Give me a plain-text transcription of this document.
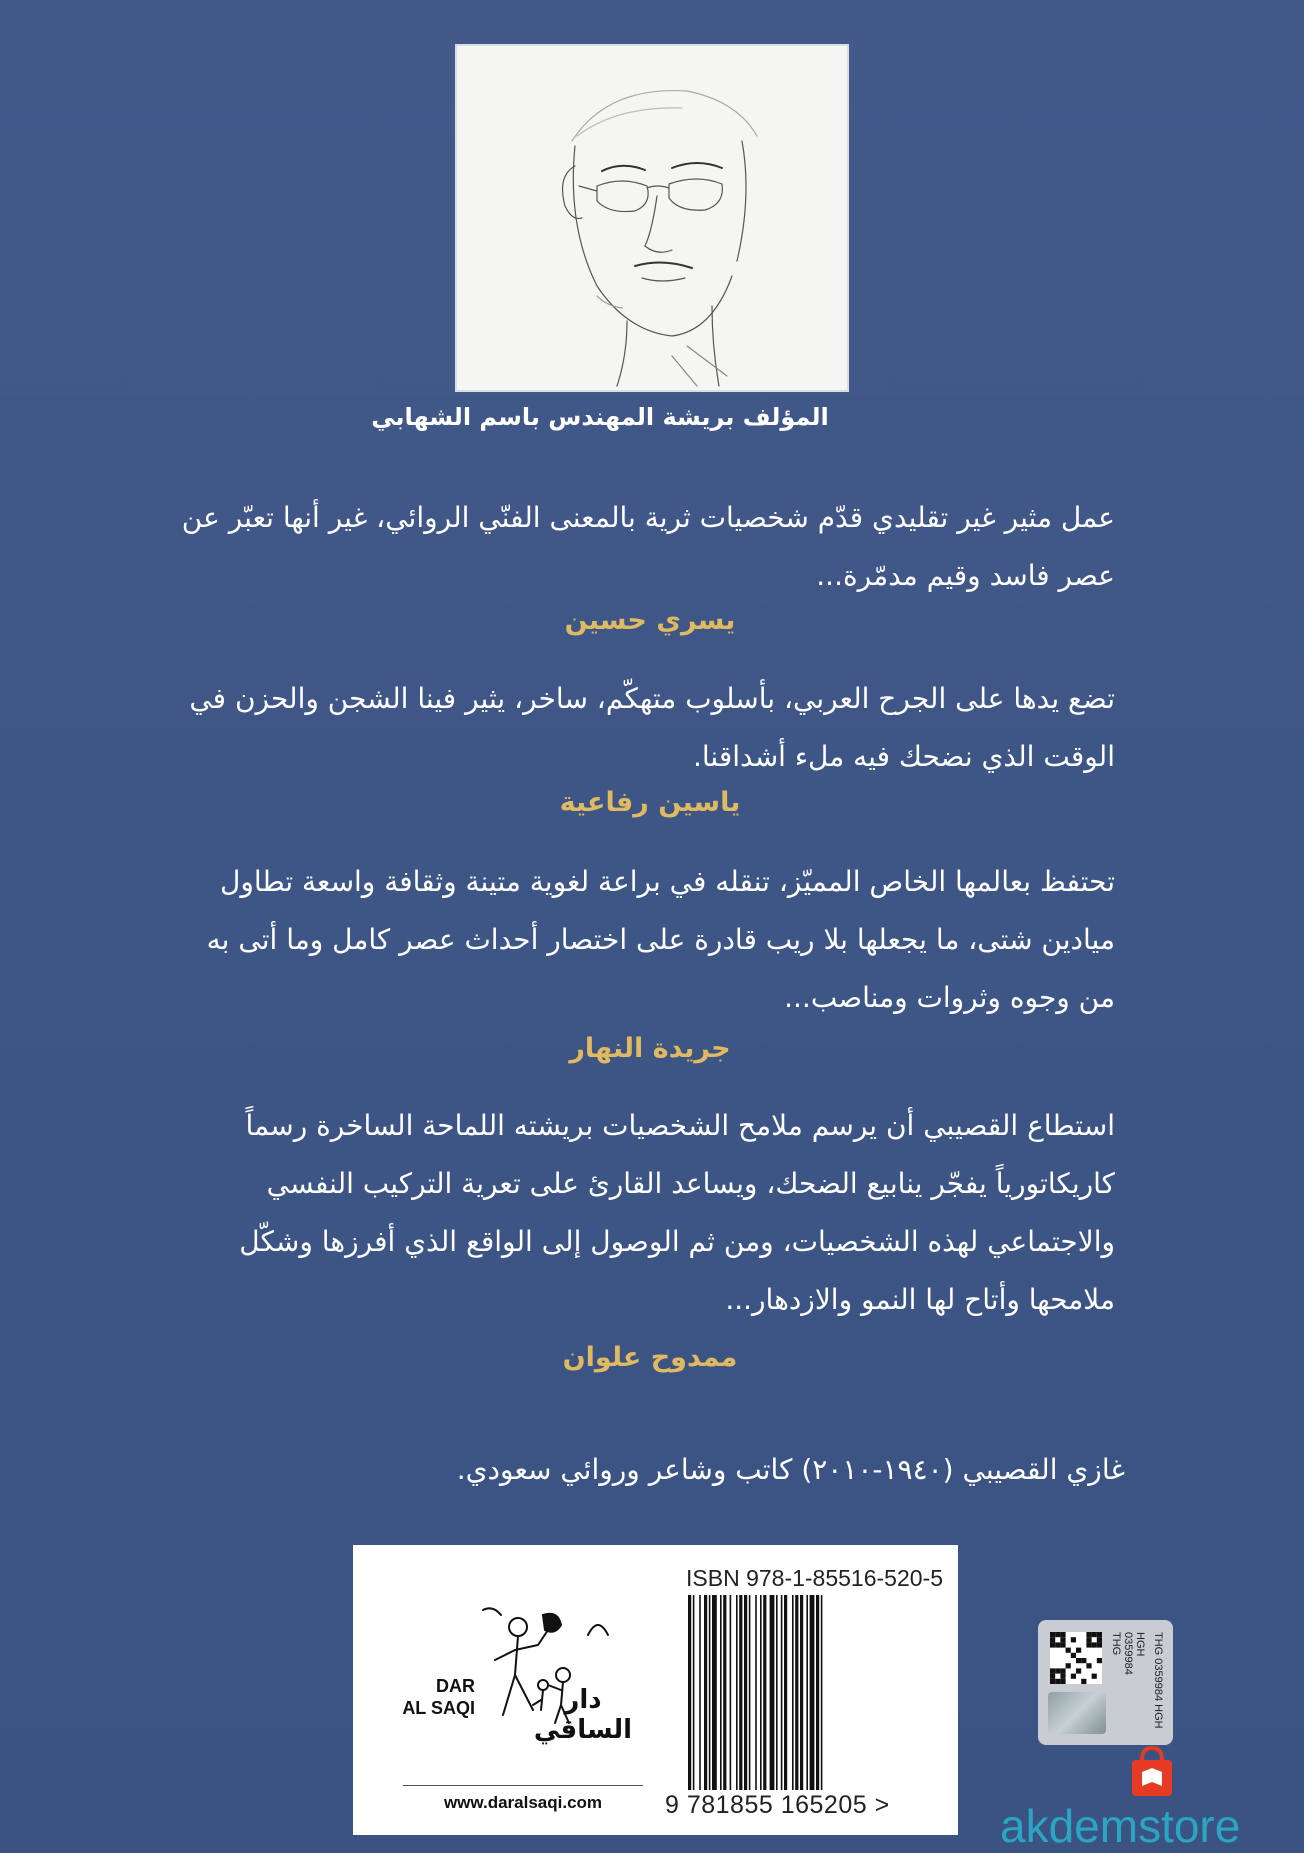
المؤلف بريشة المهندس باسم الشهابي

عمل مثير غير تقليدي قدّم شخصيات ثرية بالمعنى الفنّي الروائي، غير أنها تعبّر عن

عصر فاسد وقيم مدمّرة...

يسري حسين

تضع يدها على الجرح العربي، بأسلوب متهكّم، ساخر، يثير فينا الشجن والحزن في

الوقت الذي نضحك فيه ملء أشداقنا.

ياسين رفاعية

تحتفظ بعالمها الخاص المميّز، تنقله في براعة لغوية متينة وثقافة واسعة تطاول

ميادين شتى، ما يجعلها بلا ريب قادرة على اختصار أحداث عصر كامل وما أتى به

من وجوه وثروات ومناصب...

جريدة النهار

استطاع القصيبي أن يرسم ملامح الشخصيات بريشته اللماحة الساخرة رسماً

كاريكاتورياً يفجّر ينابيع الضحك، ويساعد القارئ على تعرية التركيب النفسي

والاجتماعي لهذه الشخصيات، ومن ثم الوصول إلى الواقع الذي أفرزها وشكّل

ملامحها وأتاح لها النمو والازدهار...

ممدوح علوان
غازي القصيبي (١٩٤٠-٢٠١٠) كاتب وشاعر وروائي سعودي.
ISBN 978-1-85516-520-5
9 781855 165205 >
DAR
AL SAQI	دار الساقي
www.daralsaqi.com
THG 0359984 HGH THG 0359984 HGH
akdemstore
